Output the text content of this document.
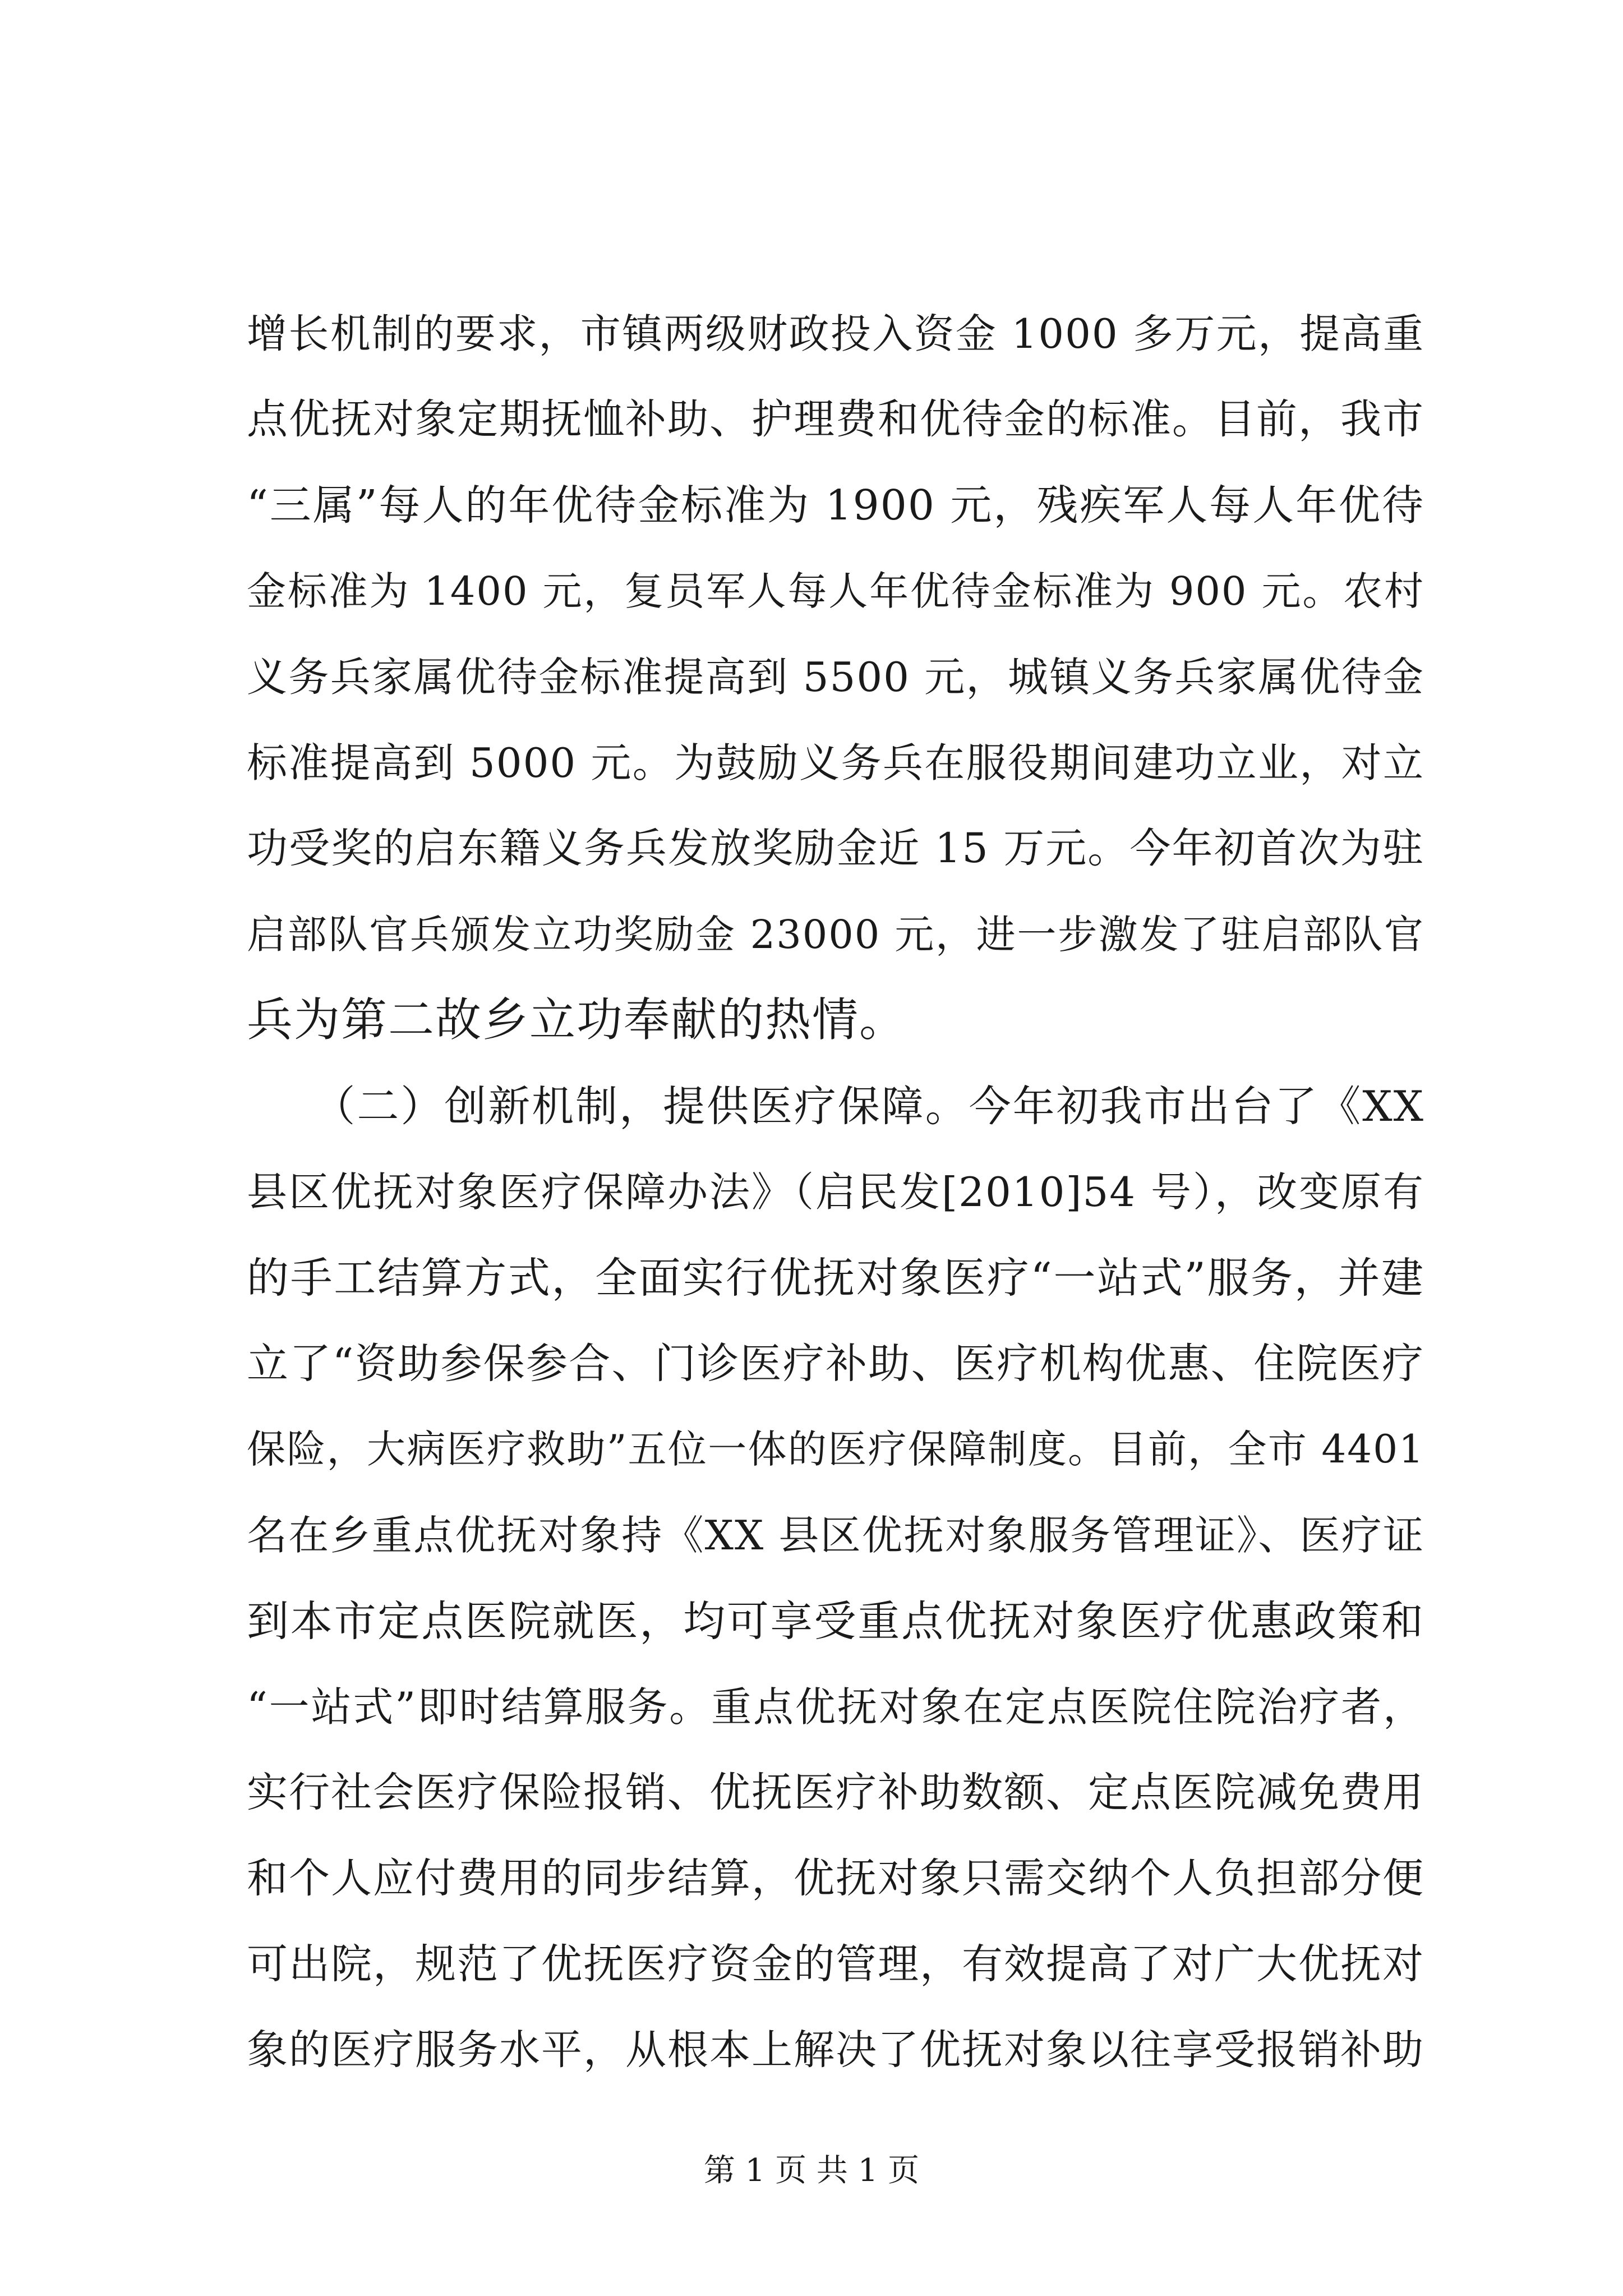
增长机制的要求，市镇两级财政投入资金 1000 多万元，提高重
点优抚对象定期抚恤补助、护理费和优待金的标准。目前，我市
“三属”每人的年优待金标准为 1900 元，残疾军人每人年优待
金标准为 1400 元，复员军人每人年优待金标准为 900 元。农村
义务兵家属优待金标准提高到 5500 元，城镇义务兵家属优待金
标准提高到 5000 元。为鼓励义务兵在服役期间建功立业，对立
功受奖的启东籍义务兵发放奖励金近 15 万元。今年初首次为驻
启部队官兵颁发立功奖励金 23000 元，进一步激发了驻启部队官
兵为第二故乡立功奉献的热情。
　　（二）创新机制，提供医疗保障。今年初我市出台了《XX
县区优抚对象医疗保障办法》（启民发[2010]54 号），改变原有
的手工结算方式，全面实行优抚对象医疗“一站式”服务，并建
立了“资助参保参合、门诊医疗补助、医疗机构优惠、住院医疗
保险，大病医疗救助”五位一体的医疗保障制度。目前，全市 4401
名在乡重点优抚对象持《XX 县区优抚对象服务管理证》、医疗证
到本市定点医院就医，均可享受重点优抚对象医疗优惠政策和
“一站式”即时结算服务。重点优抚对象在定点医院住院治疗者，
实行社会医疗保险报销、优抚医疗补助数额、定点医院减免费用
和个人应付费用的同步结算，优抚对象只需交纳个人负担部分便
可出院，规范了优抚医疗资金的管理，有效提高了对广大优抚对
象的医疗服务水平，从根本上解决了优抚对象以往享受报销补助
第 1 页 共 1 页
